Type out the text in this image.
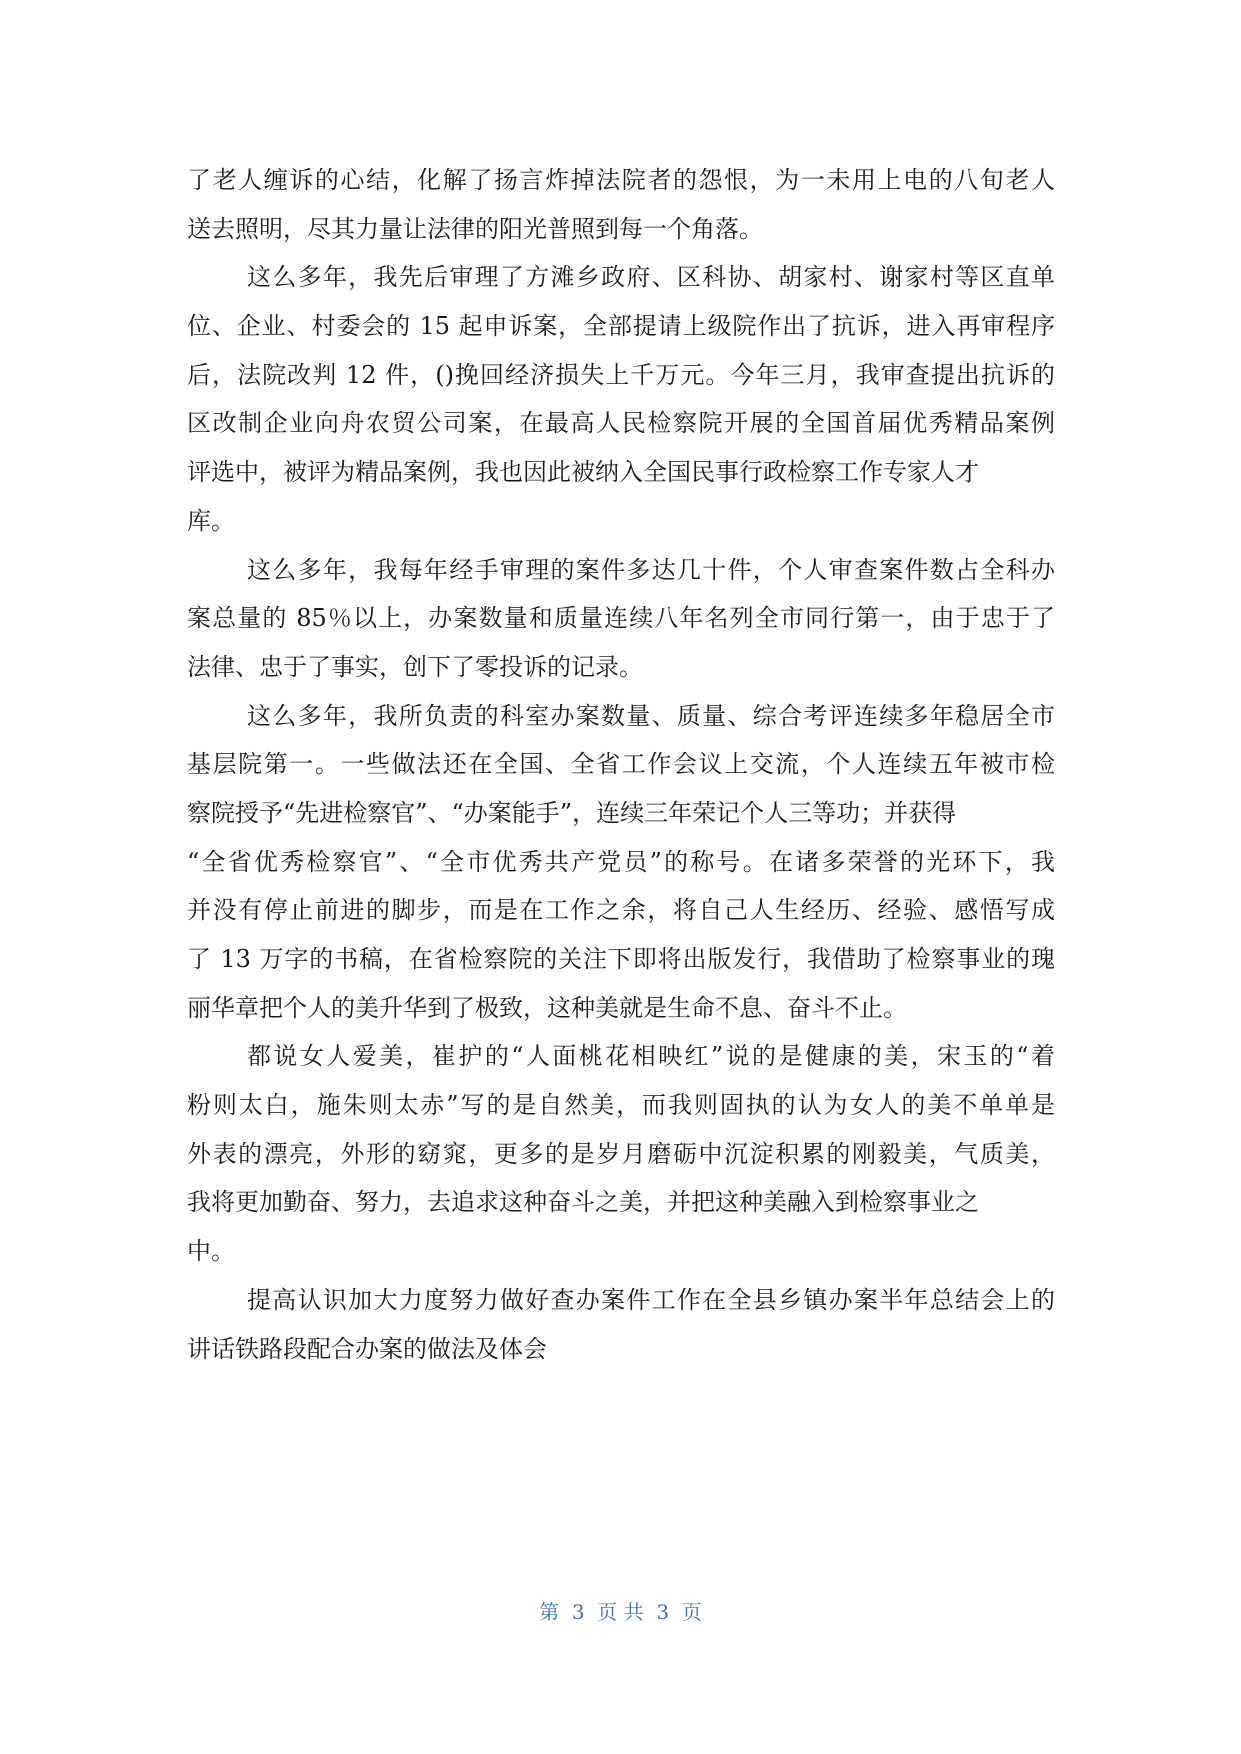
了老人缠诉的心结，化解了扬言炸掉法院者的怨恨，为一未用上电的八旬老人
送去照明，尽其力量让法律的阳光普照到每一个角落。
这么多年，我先后审理了方滩乡政府、区科协、胡家村、谢家村等区直单
位、企业、村委会的 15 起申诉案，全部提请上级院作出了抗诉，进入再审程序
后，法院改判 12 件，()挽回经济损失上千万元。今年三月，我审查提出抗诉的
区改制企业向舟农贸公司案，在最高人民检察院开展的全国首届优秀精品案例
评选中，被评为精品案例，我也因此被纳入全国民事行政检察工作专家人才
库。
这么多年，我每年经手审理的案件多达几十件，个人审查案件数占全科办
案总量的 85％以上，办案数量和质量连续八年名列全市同行第一，由于忠于了
法律、忠于了事实，创下了零投诉的记录。
这么多年，我所负责的科室办案数量、质量、综合考评连续多年稳居全市
基层院第一。一些做法还在全国、全省工作会议上交流，个人连续五年被市检
察院授予“先进检察官”、“办案能手”，连续三年荣记个人三等功；并获得
“全省优秀检察官”、“全市优秀共产党员”的称号。在诸多荣誉的光环下，我
并没有停止前进的脚步，而是在工作之余，将自己人生经历、经验、感悟写成
了 13 万字的书稿，在省检察院的关注下即将出版发行，我借助了检察事业的瑰
丽华章把个人的美升华到了极致，这种美就是生命不息、奋斗不止。
都说女人爱美，崔护的“人面桃花相映红”说的是健康的美，宋玉的“着
粉则太白，施朱则太赤”写的是自然美，而我则固执的认为女人的美不单单是
外表的漂亮，外形的窈窕，更多的是岁月磨砺中沉淀积累的刚毅美，气质美，
我将更加勤奋、努力，去追求这种奋斗之美，并把这种美融入到检察事业之
中。
提高认识加大力度努力做好查办案件工作在全县乡镇办案半年总结会上的
讲话铁路段配合办案的做法及体会
第  3  页 共  3  页
